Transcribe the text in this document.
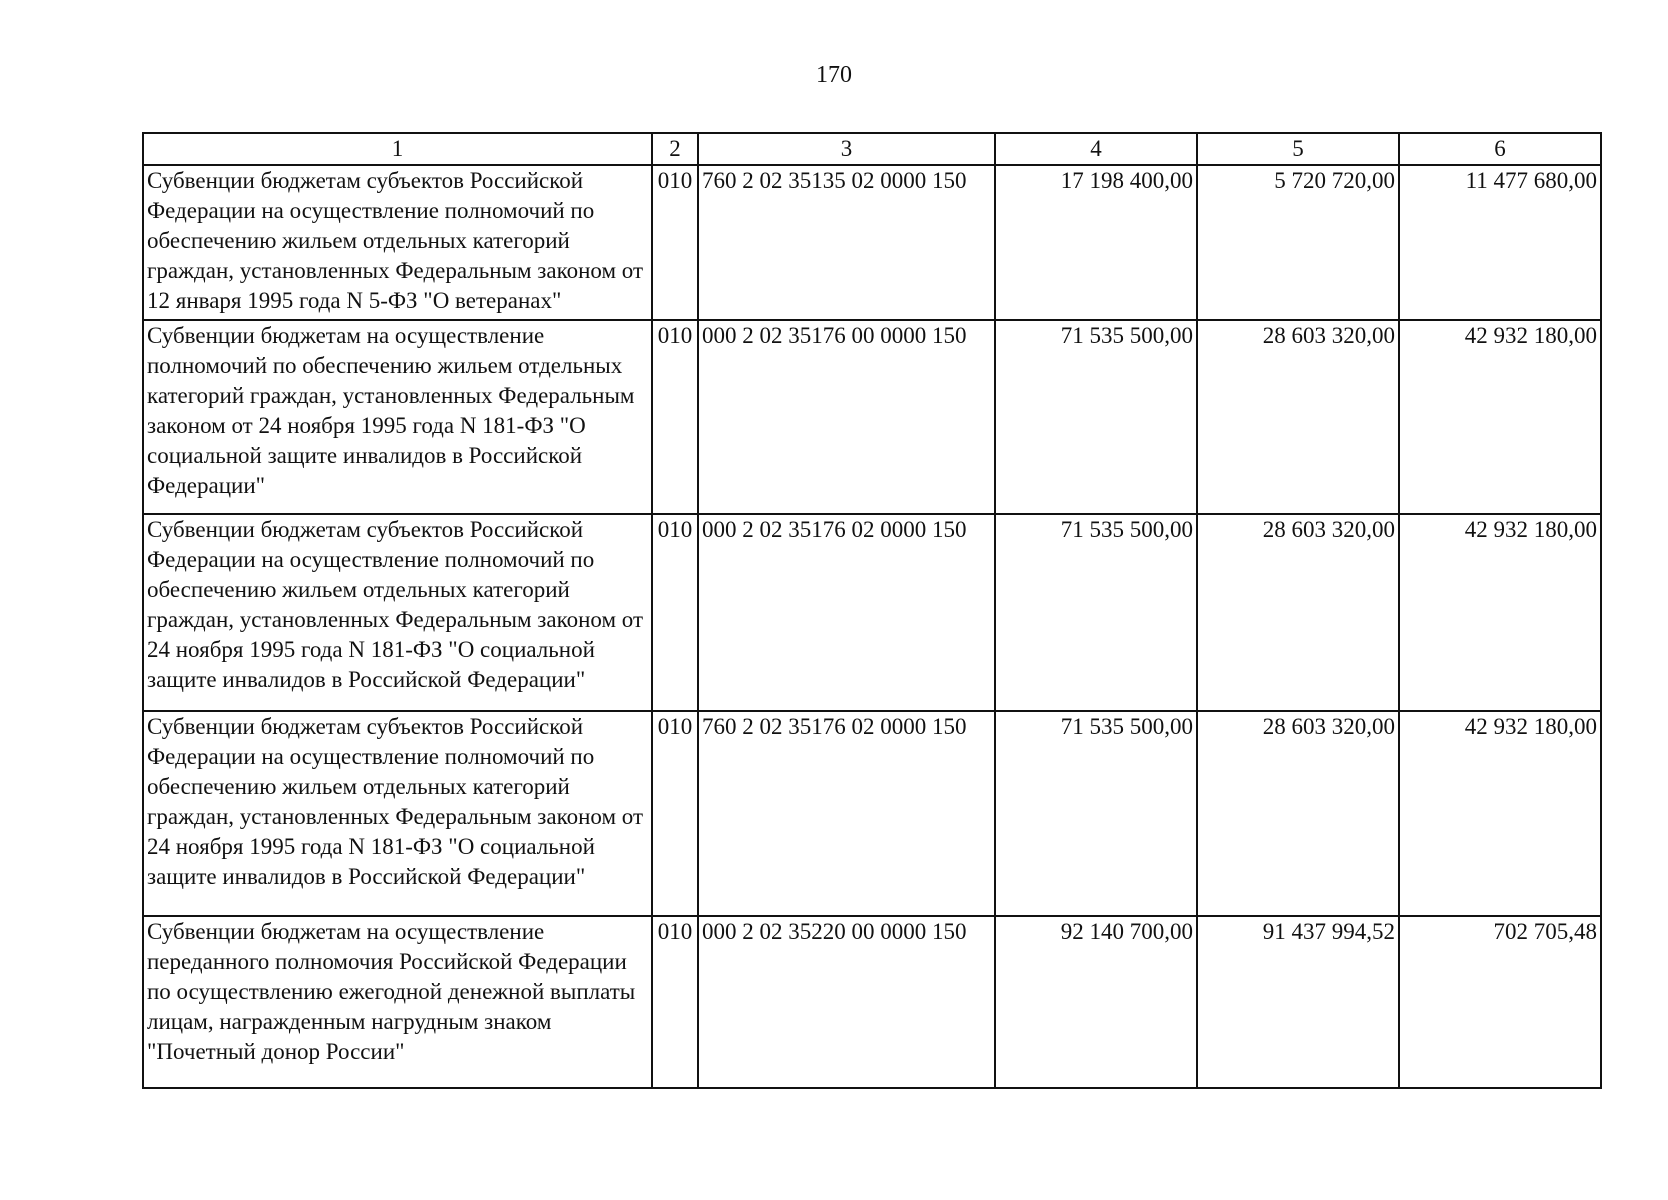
170
1	2	3	4	5	6
Субвенции бюджетам субъектов Российской Федерации на осуществление полномочий по обеспечению жильем отдельных категорий граждан, установленных Федеральным законом от 12 января 1995 года N 5-ФЗ "О ветеранах"	010	760 2 02 35135 02 0000 150	17 198 400,00	5 720 720,00	11 477 680,00
Субвенции бюджетам на осуществление полномочий по обеспечению жильем отдельных категорий граждан, установленных Федеральным законом от 24 ноября 1995 года N 181-ФЗ "О социальной защите инвалидов в Российской Федерации"	010	000 2 02 35176 00 0000 150	71 535 500,00	28 603 320,00	42 932 180,00
Субвенции бюджетам субъектов Российской Федерации на осуществление полномочий по обеспечению жильем отдельных категорий граждан, установленных Федеральным законом от 24 ноября 1995 года N 181-ФЗ "О социальной защите инвалидов в Российской Федерации"	010	000 2 02 35176 02 0000 150	71 535 500,00	28 603 320,00	42 932 180,00
Субвенции бюджетам субъектов Российской Федерации на осуществление полномочий по обеспечению жильем отдельных категорий граждан, установленных Федеральным законом от 24 ноября 1995 года N 181-ФЗ "О социальной защите инвалидов в Российской Федерации"	010	760 2 02 35176 02 0000 150	71 535 500,00	28 603 320,00	42 932 180,00
Субвенции бюджетам на осуществление переданного полномочия Российской Федерации по осуществлению ежегодной денежной выплаты лицам, награжденным нагрудным знаком "Почетный донор России"	010	000 2 02 35220 00 0000 150	92 140 700,00	91 437 994,52	702 705,48
